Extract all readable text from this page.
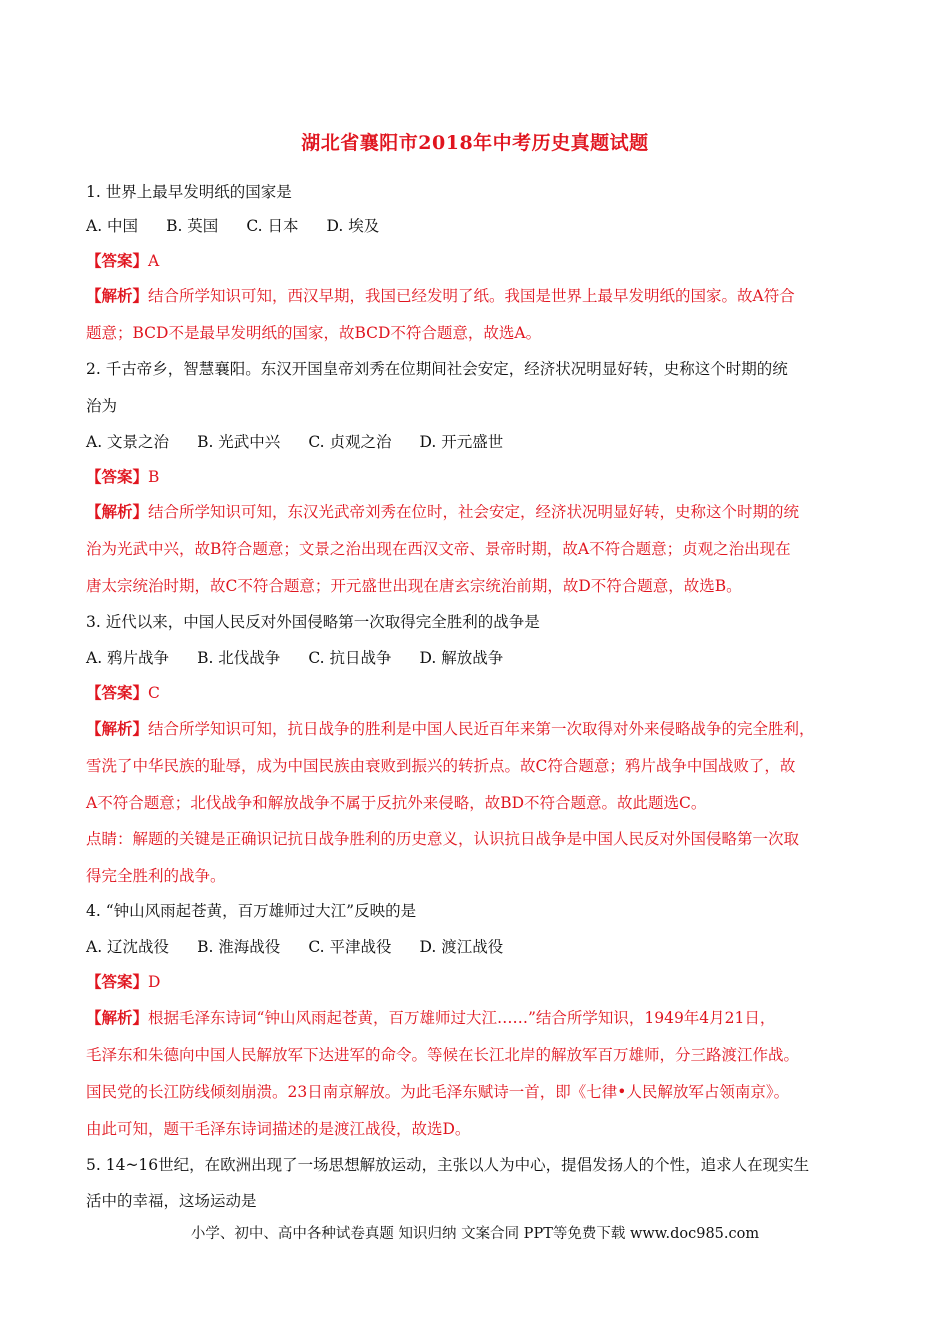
湖北省襄阳市2018年中考历史真题试题
1. 世界上最早发明纸的国家是
A. 中国 B. 英国 C. 日本 D. 埃及
【答案】A
【解析】结合所学知识可知，西汉早期，我国已经发明了纸。我国是世界上最早发明纸的国家。故A符合
题意；BCD不是最早发明纸的国家，故BCD不符合题意，故选A。
2. 千古帝乡，智慧襄阳。东汉开国皇帝刘秀在位期间社会安定，经济状况明显好转，史称这个时期的统
治为
A. 文景之治 B. 光武中兴 C. 贞观之治 D. 开元盛世
【答案】B
【解析】结合所学知识可知，东汉光武帝刘秀在位时，社会安定，经济状况明显好转，史称这个时期的统
治为光武中兴，故B符合题意；文景之治出现在西汉文帝、景帝时期，故A不符合题意；贞观之治出现在
唐太宗统治时期，故C不符合题意；开元盛世出现在唐玄宗统治前期，故D不符合题意，故选B。
3. 近代以来，中国人民反对外国侵略第一次取得完全胜利的战争是
A. 鸦片战争 B. 北伐战争 C. 抗日战争 D. 解放战争
【答案】C
【解析】结合所学知识可知，抗日战争的胜利是中国人民近百年来第一次取得对外来侵略战争的完全胜利，
雪洗了中华民族的耻辱，成为中国民族由衰败到振兴的转折点。故C符合题意；鸦片战争中国战败了，故
A不符合题意；北伐战争和解放战争不属于反抗外来侵略，故BD不符合题意。故此题选C。
点睛：解题的关键是正确识记抗日战争胜利的历史意义，认识抗日战争是中国人民反对外国侵略第一次取
得完全胜利的战争。
4. “钟山风雨起苍黄，百万雄师过大江”反映的是
A. 辽沈战役 B. 淮海战役 C. 平津战役 D. 渡江战役
【答案】D
【解析】根据毛泽东诗词“钟山风雨起苍黄，百万雄师过大江……”结合所学知识，1949年4月21日，
毛泽东和朱德向中国人民解放军下达进军的命令。等候在长江北岸的解放军百万雄师，分三路渡江作战。
国民党的长江防线倾刻崩溃。23日南京解放。为此毛泽东赋诗一首，即《七律•人民解放军占领南京》。
由此可知，题干毛泽东诗词描述的是渡江战役，故选D。
5. 14~16世纪，在欧洲出现了一场思想解放运动，主张以人为中心，提倡发扬人的个性，追求人在现实生
活中的幸福，这场运动是
小学、初中、高中各种试卷真题 知识归纳 文案合同 PPT等免费下载 www.doc985.com
